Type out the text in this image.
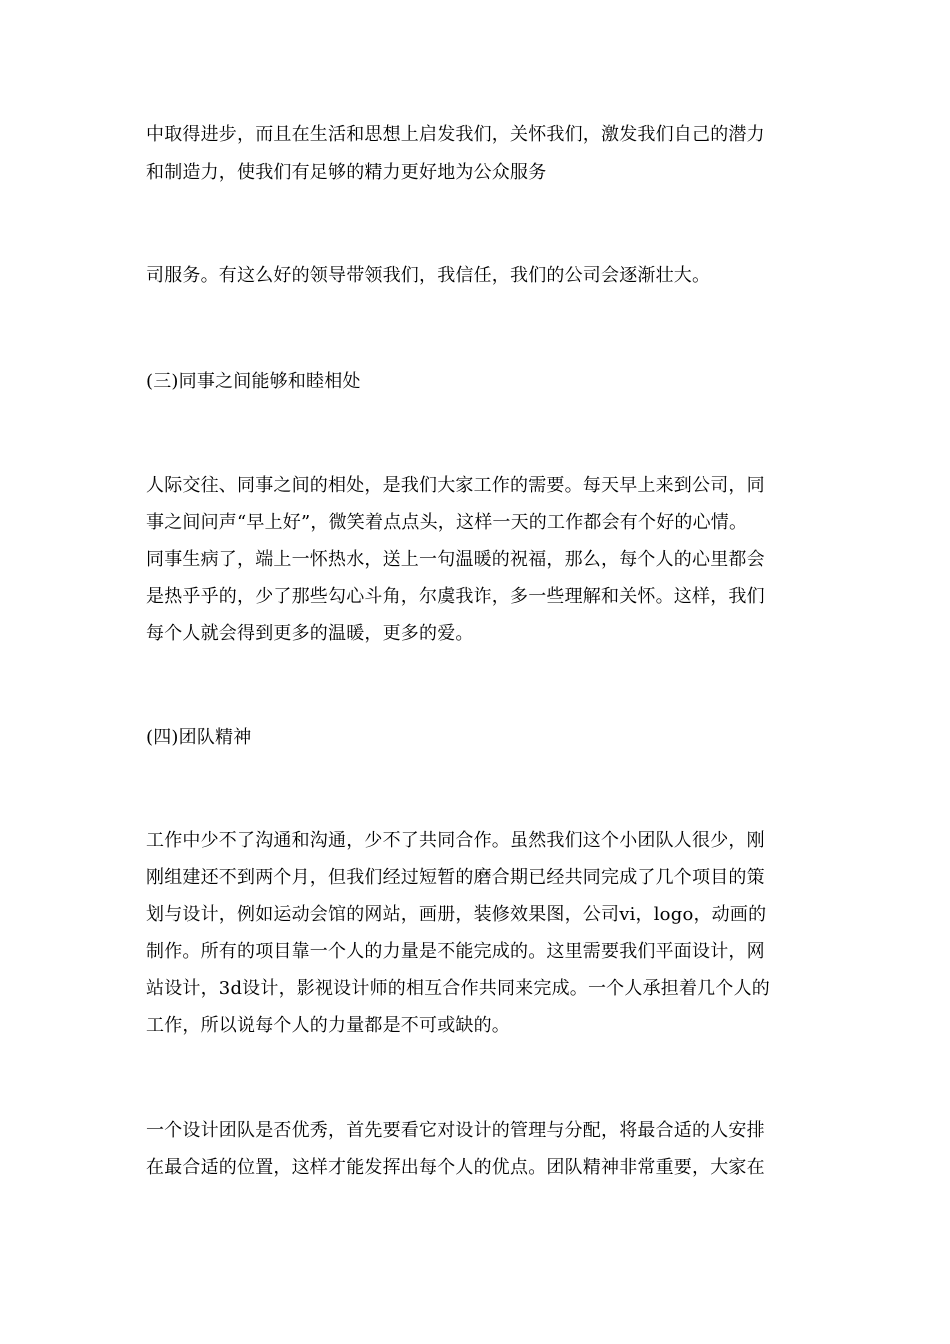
中取得进步，而且在生活和思想上启发我们，关怀我们，激发我们自己的潜力
和制造力，使我们有足够的精力更好地为公众服务
司服务。有这么好的领导带领我们，我信任，我们的公司会逐渐壮大。
(三)同事之间能够和睦相处
人际交往、同事之间的相处，是我们大家工作的需要。每天早上来到公司，同
事之间问声“早上好”，微笑着点点头，这样一天的工作都会有个好的心情。
同事生病了，端上一怀热水，送上一句温暖的祝福，那么，每个人的心里都会
是热乎乎的，少了那些勾心斗角，尔虞我诈，多一些理解和关怀。这样，我们
每个人就会得到更多的温暖，更多的爱。
(四)团队精神
工作中少不了沟通和沟通，少不了共同合作。虽然我们这个小团队人很少，刚
刚组建还不到两个月，但我们经过短暂的磨合期已经共同完成了几个项目的策
划与设计，例如运动会馆的网站，画册，装修效果图，公司vi，logo，动画的
制作。所有的项目靠一个人的力量是不能完成的。这里需要我们平面设计，网
站设计，3d设计，影视设计师的相互合作共同来完成。一个人承担着几个人的
工作，所以说每个人的力量都是不可或缺的。
一个设计团队是否优秀，首先要看它对设计的管理与分配，将最合适的人安排
在最合适的位置，这样才能发挥出每个人的优点。团队精神非常重要，大家在
